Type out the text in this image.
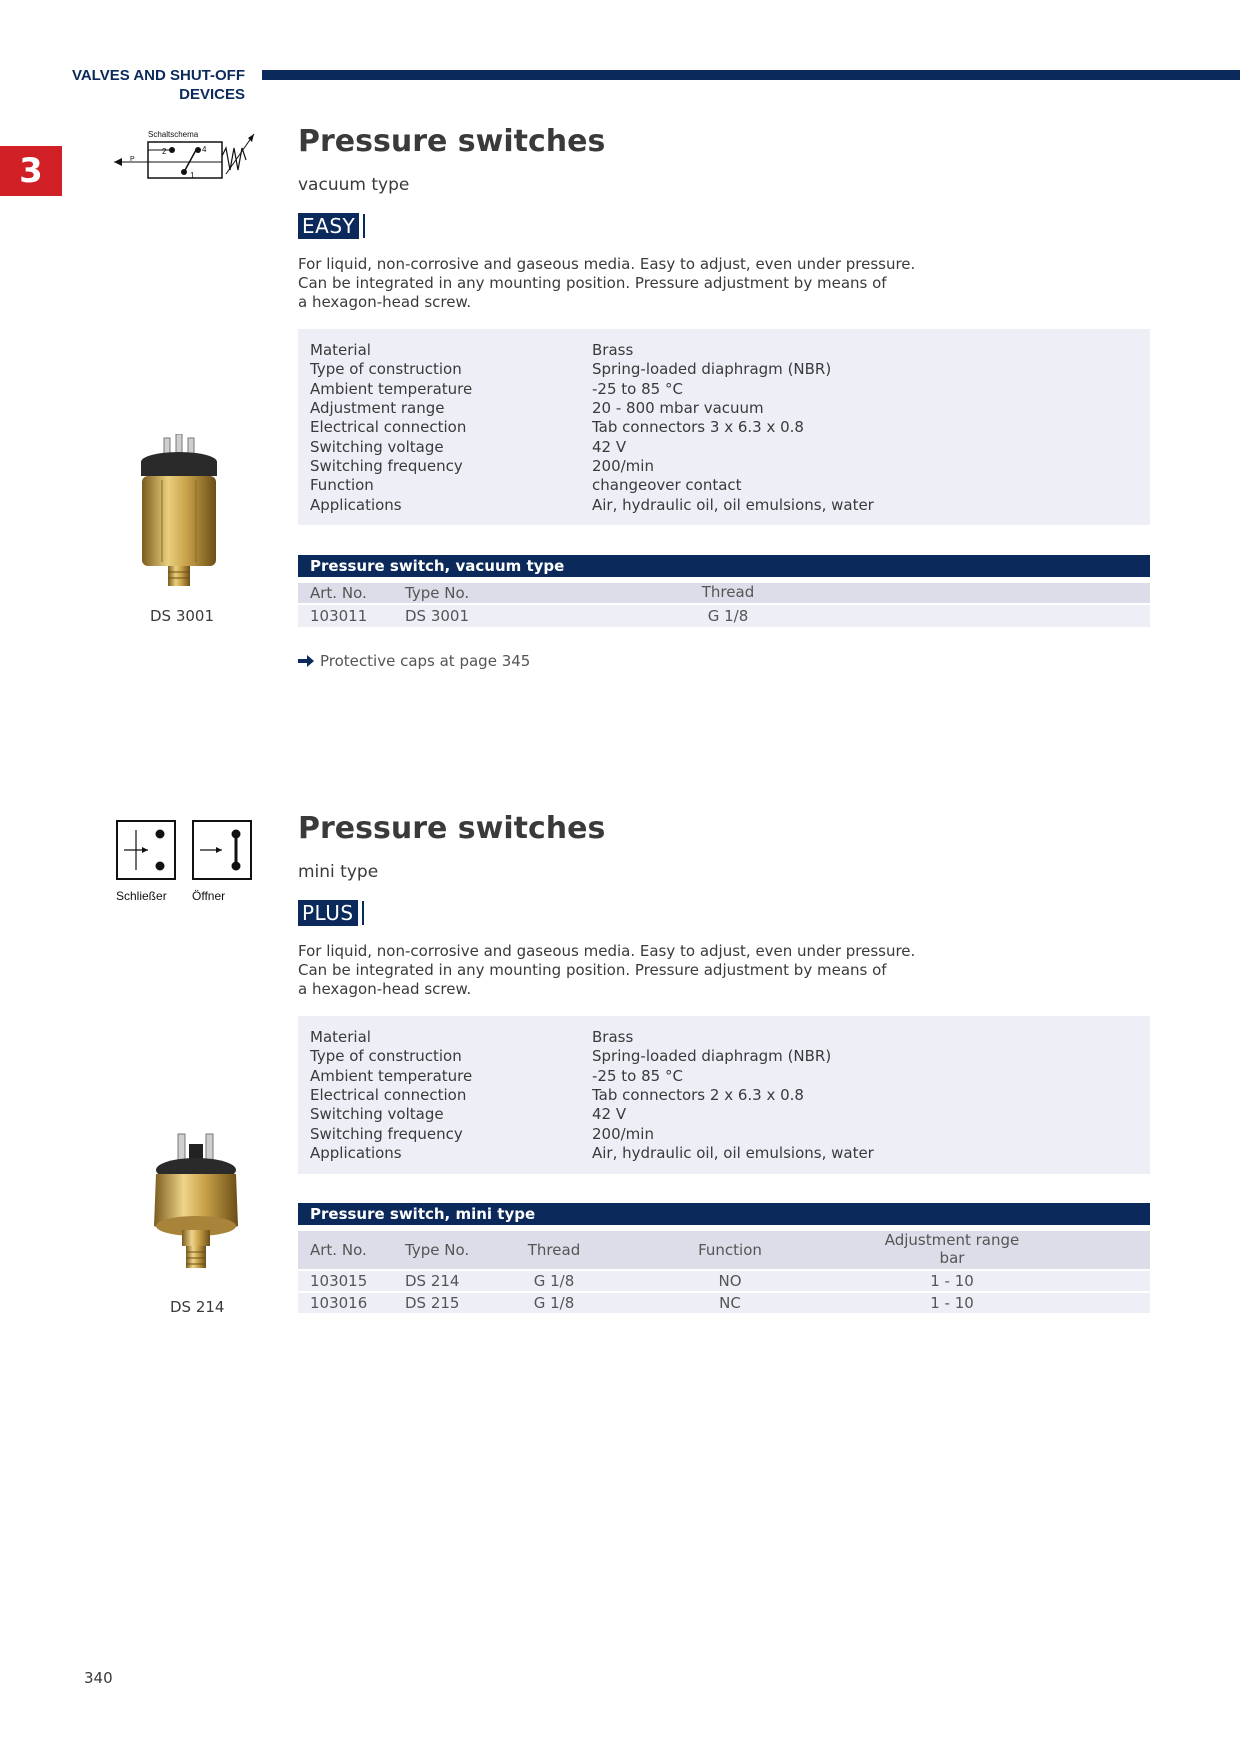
VALVES AND SHUT-OFF
DEVICES
3
Schaltschema
2	4
1
P
Pressure switches
vacuum type
EASY
For liquid, non-corrosive and gaseous media. Easy to adjust, even under pressure.
Can be integrated in any mounting position. Pressure adjustment by means of
a hexagon-head screw.
Material	Brass
Type of construction	Spring-loaded diaphragm (NBR)
Ambient temperature	-25 to 85 °C
Adjustment range	20 - 800 mbar vacuum
Electrical connection	Tab connectors 3 x 6.3 x 0.8
Switching voltage	42 V
Switching frequency	200/min
Function	changeover contact
Applications	Air, hydraulic oil, oil emulsions, water
DS 3001
Pressure switch, vacuum type
Art. No.	Type No.	Thread
103011	DS 3001	G 1/8
Protective caps at page 345
Schließer Öffner
Pressure switches
mini type
PLUS
For liquid, non-corrosive and gaseous media. Easy to adjust, even under pressure.
Can be integrated in any mounting position. Pressure adjustment by means of
a hexagon-head screw.
Material	Brass
Type of construction	Spring-loaded diaphragm (NBR)
Ambient temperature	-25 to 85 °C
Electrical connection	Tab connectors 2 x 6.3 x 0.8
Switching voltage	42 V
Switching frequency	200/min
Applications	Air, hydraulic oil, oil emulsions, water
DS 214
Pressure switch, mini type
Art. No.	Type No.	Thread	Function
Adjustment range
bar
103015	DS 214	G 1/8	NO	1 - 10
103016	DS 215	G 1/8	NC	1 - 10
340
